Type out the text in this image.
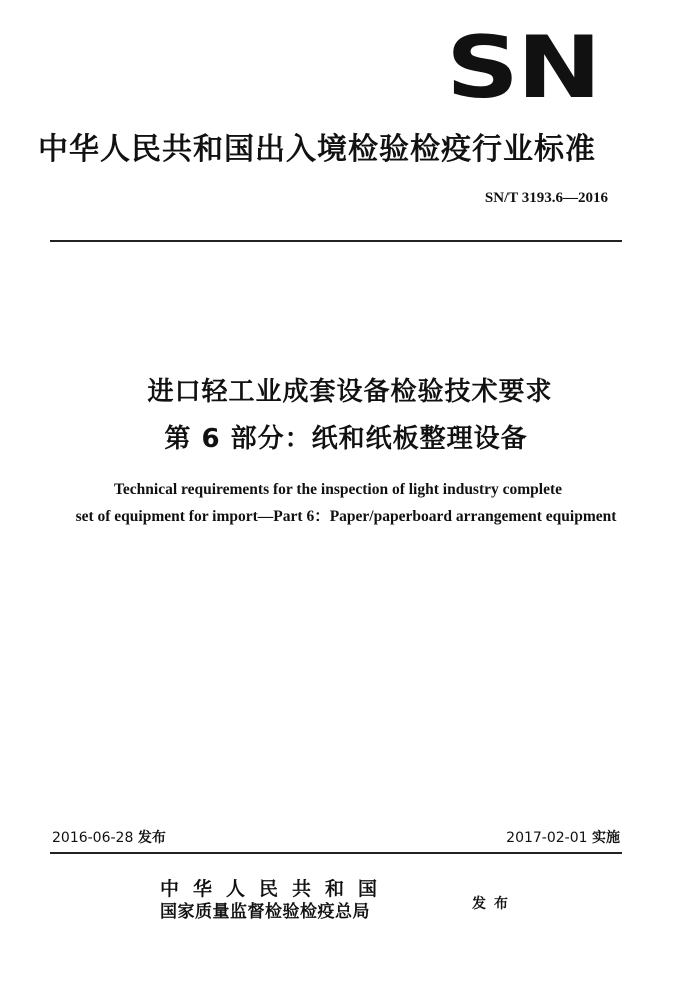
SN
中华人民共和国出入境检验检疫行业标准
SN/T 3193.6—2016
进口轻工业成套设备检验技术要求
第 6 部分：纸和纸板整理设备
Technical requirements for the inspection of light industry complete
set of equipment for import—Part 6：Paper/paperboard arrangement equipment
2016-06-28 发布	2017-02-01 实施
中华人民共和国
国家质量监督检验检疫总局	发布
